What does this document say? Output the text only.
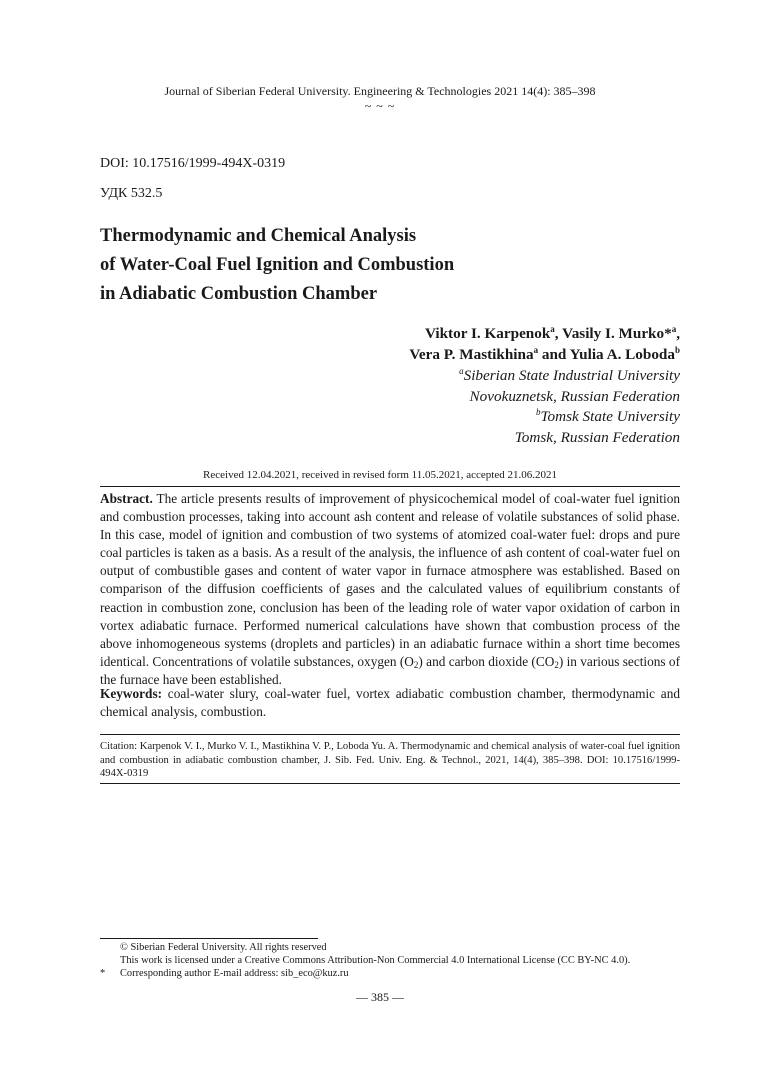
Journal of Siberian Federal University. Engineering & Technologies 2021 14(4): 385–398
~ ~ ~
DOI: 10.17516/1999-494X-0319
УДК 532.5
Thermodynamic and Chemical Analysis
of Water-Coal Fuel Ignition and Combustion
in Adiabatic Combustion Chamber
Viktor I. Karpenok$^a$, Vasily I. Murko*$^a$,
Vera P. Mastikhina$^a$ and Yulia A. Loboda$^b$
$^a$Siberian State Industrial University
Novokuznetsk, Russian Federation
$^b$Tomsk State University
Tomsk, Russian Federation
Received 12.04.2021, received in revised form 11.05.2021, accepted 21.06.2021
Abstract. The article presents results of improvement of physicochemical model of coal-water fuel ignition and combustion processes, taking into account ash content and release of volatile substances of solid phase. In this case, model of ignition and combustion of two systems of atomized coal-water fuel: drops and pure coal particles is taken as a basis. As a result of the analysis, the influence of ash content of coal-water fuel on output of combustible gases and content of water vapor in furnace atmosphere was established. Based on comparison of the diffusion coefficients of gases and the calculated values of equilibrium constants of reaction in combustion zone, conclusion has been of the leading role of water vapor oxidation of carbon in vortex adiabatic furnace. Performed numerical calculations have shown that combustion process of the above inhomogeneous systems (droplets and particles) in an adiabatic furnace within a short time becomes identical. Concentrations of volatile substances, oxygen $(O_2)$ and carbon dioxide $(CO_2)$ in various sections of the furnace have been established.
Keywords: coal-water slury, coal-water fuel, vortex adiabatic combustion chamber, thermodynamic and chemical analysis, combustion.
Citation: Karpenok V. I., Murko V. I., Mastikhina V. P., Loboda Yu. A. Thermodynamic and chemical analysis of water-coal fuel ignition and combustion in adiabatic combustion chamber, J. Sib. Fed. Univ. Eng. & Technol., 2021, 14(4), 385–398. DOI: 10.17516/1999-494X-0319
© Siberian Federal University. All rights reserved
This work is licensed under a Creative Commons Attribution-Non Commercial 4.0 International License (CC BY-NC 4.0).
* Corresponding author E-mail address: sib_eco@kuz.ru
— 385 —
